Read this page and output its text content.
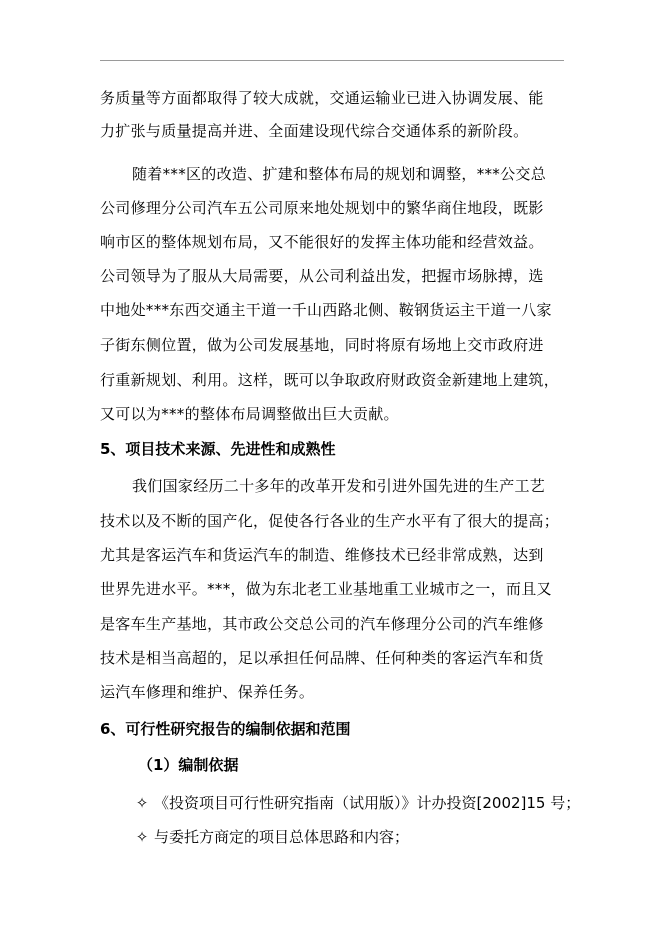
务质量等方面都取得了较大成就，交通运输业已进入协调发展、能
力扩张与质量提高并进、全面建设现代综合交通体系的新阶段。
随着***区的改造、扩建和整体布局的规划和调整，***公交总
公司修理分公司汽车五公司原来地处规划中的繁华商住地段，既影
响市区的整体规划布局，又不能很好的发挥主体功能和经营效益。
公司领导为了服从大局需要，从公司利益出发，把握市场脉搏，选
中地处***东西交通主干道一千山西路北侧、鞍钢货运主干道一八家
子街东侧位置，做为公司发展基地，同时将原有场地上交市政府进
行重新规划、利用。这样，既可以争取政府财政资金新建地上建筑，
又可以为***的整体布局调整做出巨大贡献。
5、项目技术来源、先进性和成熟性
我们国家经历二十多年的改革开发和引进外国先进的生产工艺
技术以及不断的国产化，促使各行各业的生产水平有了很大的提高；
尤其是客运汽车和货运汽车的制造、维修技术已经非常成熟，达到
世界先进水平。***，做为东北老工业基地重工业城市之一，而且又
是客车生产基地，其市政公交总公司的汽车修理分公司的汽车维修
技术是相当高超的，足以承担任何品牌、任何种类的客运汽车和货
运汽车修理和维护、保养任务。
6、可行性研究报告的编制依据和范围
（1）编制依据
✧ 《投资项目可行性研究指南（试用版）》计办投资[2002]15 号；
✧ 与委托方商定的项目总体思路和内容；
